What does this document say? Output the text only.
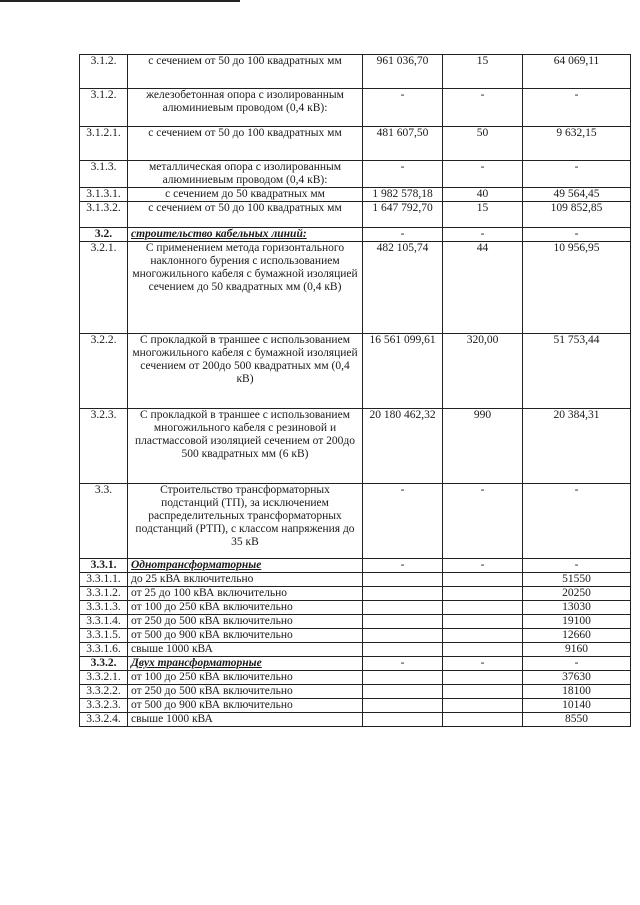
3.1.2.	с сечением от 50 до 100 квадратных мм	961 036,70	15	64 069,11
3.1.2.	железобетонная опора с изолированным алюминиевым проводом (0,4 кВ):	-	-	-
3.1.2.1.	с сечением от 50 до 100 квадратных мм	481 607,50	50	9 632,15
3.1.3.	металлическая опора с изолированным алюминиевым проводом (0,4 кВ):	-	-	-
3.1.3.1.	с сечением до 50 квадратных мм	1 982 578,18	40	49 564,45
3.1.3.2.	с сечением от 50 до 100 квадратных мм	1 647 792,70	15	109 852,85
3.2.	строительство кабельных линий:	-	-	-
3.2.1.	С применением метода горизонтального наклонного бурения с использованием многожильного кабеля с бумажной изоляцией сечением до 50 квадратных мм (0,4 кВ)	482 105,74	44	10 956,95
3.2.2.	С прокладкой в траншее с использованием многожильного кабеля с бумажной изоляцией сечением от 200до 500 квадратных мм (0,4 кВ)	16 561 099,61	320,00	51 753,44
3.2.3.	С прокладкой в траншее с использованием многожильного кабеля с резиновой и пластмассовой изоляцией сечением от 200до 500 квадратных мм (6 кВ)	20 180 462,32	990	20 384,31
3.3.	Строительство трансформаторных подстанций (ТП), за исключением распределительных трансформаторных подстанций (РТП), с классом напряжения до 35 кВ	-	-	-
3.3.1.	Однотрансформаторные	-	-	-
3.3.1.1.	до 25 кВА включительно			51550
3.3.1.2.	от 25 до 100 кВА включительно			20250
3.3.1.3.	от 100 до 250 кВА включительно			13030
3.3.1.4.	от 250 до 500 кВА включительно			19100
3.3.1.5.	от 500 до 900 кВА включительно			12660
3.3.1.6.	свыше 1000 кВА			9160
3.3.2.	Двух трансформаторные	-	-	-
3.3.2.1.	от 100 до 250 кВА включительно			37630
3.3.2.2.	от 250 до 500 кВА включительно			18100
3.3.2.3.	от 500 до 900 кВА включительно			10140
3.3.2.4.	свыше 1000 кВА			8550
